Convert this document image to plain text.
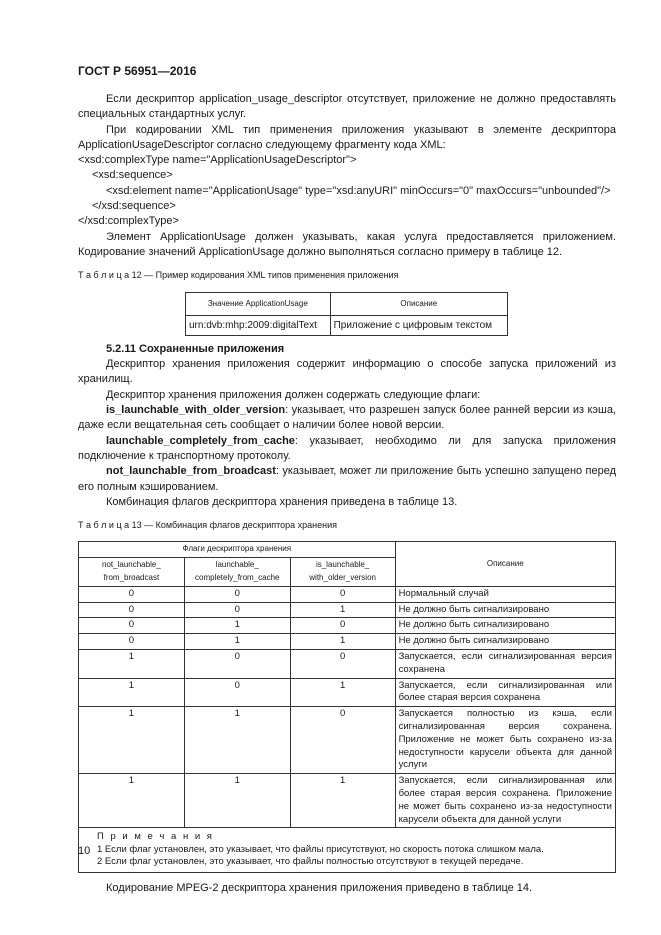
ГОСТ Р 56951—2016

Если дескриптор application_usage_descriptor отсутствует, приложение не должно предоставлять специальных стандартных услуг.

При кодировании XML тип применения приложения указывают в элементе дескриптора ApplicationUsageDescriptor согласно следующему фрагменту кода XML:

<xsd:complexType name="ApplicationUsageDescriptor">
<xsd:sequence>
<xsd:element name="ApplicationUsage" type="xsd:anyURI" minOccurs="0" maxOccurs="unbounded"/>
</xsd:sequence>
</xsd:complexType>

Элемент ApplicationUsage должен указывать, какая услуга предоставляется приложением. Кодирование значений ApplicationUsage должно выполняться согласно примеру в таблице 12.

Т а б л и ц а 12 — Пример кодирования XML типов применения приложения
Значение ApplicationUsage	Описание
urn:dvb:mhp:2009:digitalText	Приложение с цифровым текстом

5.2.11 Сохраненные приложения

Дескриптор хранения приложения содержит информацию о способе запуска приложений из хранилищ.

Дескриптор хранения приложения должен содержать следующие флаги:

is_launchable_with_older_version: указывает, что разрешен запуск более ранней версии из кэша, даже если вещательная сеть сообщает о наличии более новой версии.

launchable_completely_from_cache: указывает, необходимо ли для запуска приложения подключение к транспортному протоколу.

not_launchable_from_broadcast: указывает, может ли приложение быть успешно запущено перед его полным кэшированием.

Комбинация флагов дескриптора хранения приведена в таблице 13.

Т а б л и ц а 13 — Комбинация флагов дескриптора хранения
Флаги дескриптора хранения			Описание
not_launchable_ from_broadcast	launchable_ completely_from_cache	is_launchable_ with_older_version	
0	0	0	Нормальный случай
0	0	1	Не должно быть сигнализировано
0	1	0	Не должно быть сигнализировано
0	1	1	Не должно быть сигнализировано
1	0	0	Запускается, если сигнализированная версия сохранена
1	0	1	Запускается, если сигнализированная или более старая версия сохранена
1	1	0	Запускается полностью из кэша, если сигнализированная версия сохранена. Приложение не может быть сохранено из-за недоступности карусели объекта для данной услуги
1	1	1	Запускается, если сигнализированная или более старая версия сохранена. Приложение не может быть сохранено из-за недоступности карусели объекта для данной услуги

П р и м е ч а н и я
1 Если флаг установлен, это указывает, что файлы присутствуют, но скорость потока слишком мала.
2 Если флаг установлен, это указывает, что файлы полностью отсутствуют в текущей передаче.			

Кодирование MPEG-2 дескриптора хранения приложения приведено в таблице 14.

10
